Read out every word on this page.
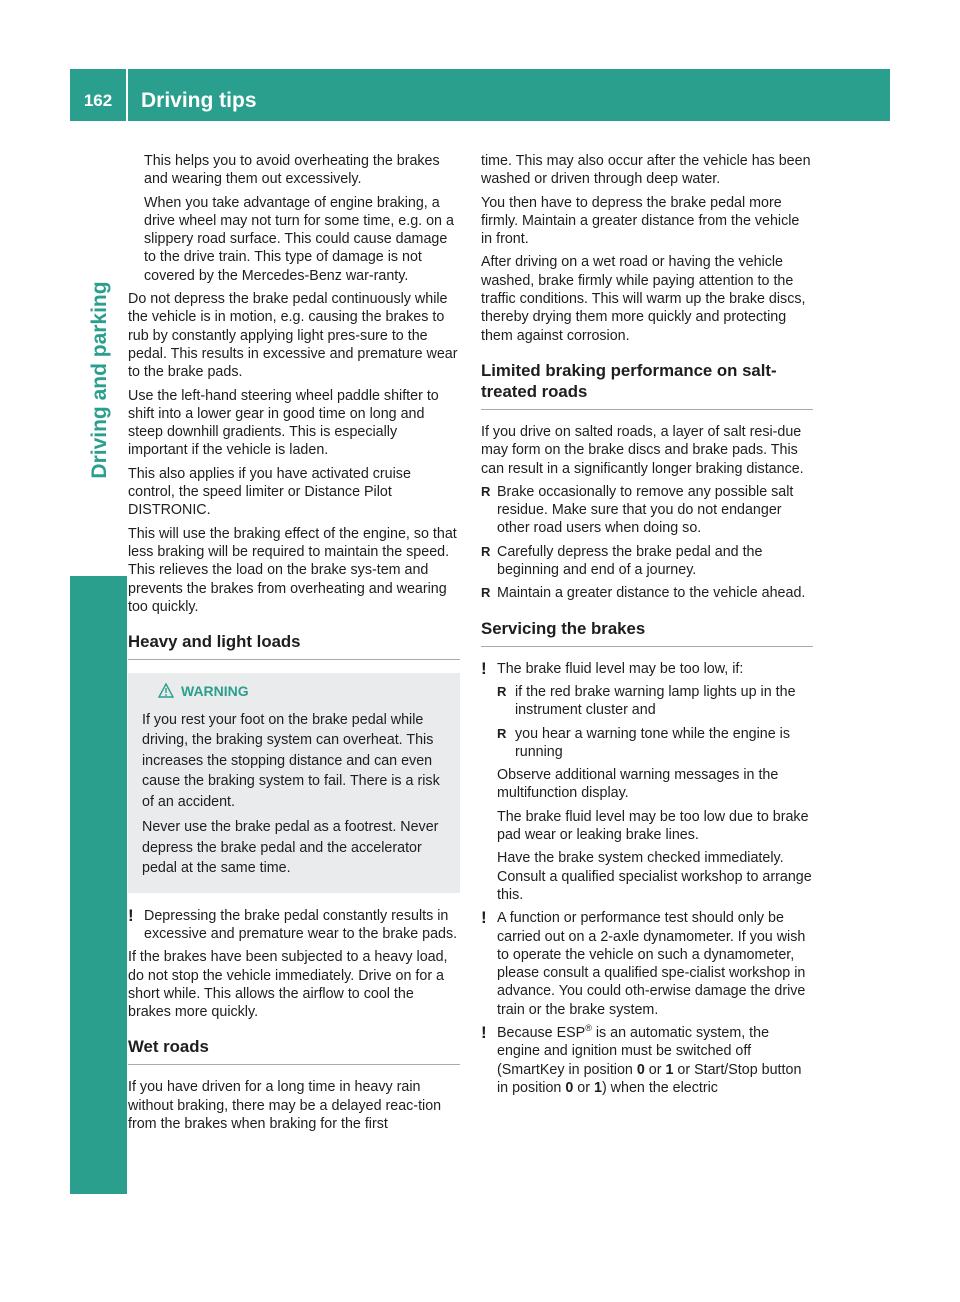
162	Driving tips
Driving and parking

This helps you to avoid overheating the brakes and wearing them out excessively.

When you take advantage of engine braking, a drive wheel may not turn for some time, e.g. on a slippery road surface. This could cause damage to the drive train. This type of damage is not covered by the Mercedes-Benz war-ranty.

Do not depress the brake pedal continuously while the vehicle is in motion, e.g. causing the brakes to rub by constantly applying light pres-sure to the pedal. This results in excessive and premature wear to the brake pads.

Use the left-hand steering wheel paddle shifter to shift into a lower gear in good time on long and steep downhill gradients. This is especially important if the vehicle is laden.

This also applies if you have activated cruise control, the speed limiter or Distance Pilot DISTRONIC.

This will use the braking effect of the engine, so that less braking will be required to maintain the speed. This relieves the load on the brake sys-tem and prevents the brakes from overheating and wearing too quickly.

Heavy and light loads
WARNING

If you rest your foot on the brake pedal while driving, the braking system can overheat. This increases the stopping distance and can even cause the braking system to fail. There is a risk of an accident.

Never use the brake pedal as a footrest. Never depress the brake pedal and the accelerator pedal at the same time.

! Depressing the brake pedal constantly results in excessive and premature wear to the brake pads.

If the brakes have been subjected to a heavy load, do not stop the vehicle immediately. Drive on for a short while. This allows the airflow to cool the brakes more quickly.

Wet roads

If you have driven for a long time in heavy rain without braking, there may be a delayed reac-tion from the brakes when braking for the first

time. This may also occur after the vehicle has been washed or driven through deep water.

You then have to depress the brake pedal more firmly. Maintain a greater distance from the vehicle in front.

After driving on a wet road or having the vehicle washed, brake firmly while paying attention to the traffic conditions. This will warm up the brake discs, thereby drying them more quickly and protecting them against corrosion.

Limited braking performance on salt-treated roads

If you drive on salted roads, a layer of salt resi-due may form on the brake discs and brake pads. This can result in a significantly longer braking distance.

R Brake occasionally to remove any possible salt residue. Make sure that you do not endanger other road users when doing so.
R Carefully depress the brake pedal and the beginning and end of a journey.
R Maintain a greater distance to the vehicle ahead.
Servicing the brakes
! The brake fluid level may be too low, if:

R if the red brake warning lamp lights up in the instrument cluster and
R you hear a warning tone while the engine is running

Observe additional warning messages in the multifunction display.

The brake fluid level may be too low due to brake pad wear or leaking brake lines.

Have the brake system checked immediately. Consult a qualified specialist workshop to arrange this.

! A function or performance test should only be carried out on a 2-axle dynamometer. If you wish to operate the vehicle on such a dynamometer, please consult a qualified spe-cialist workshop in advance. You could oth-erwise damage the drive train or the brake system.
! Because ESP® is an automatic system, the engine and ignition must be switched off (SmartKey in position 0 or 1 or Start/Stop button in position 0 or 1) when the electric
